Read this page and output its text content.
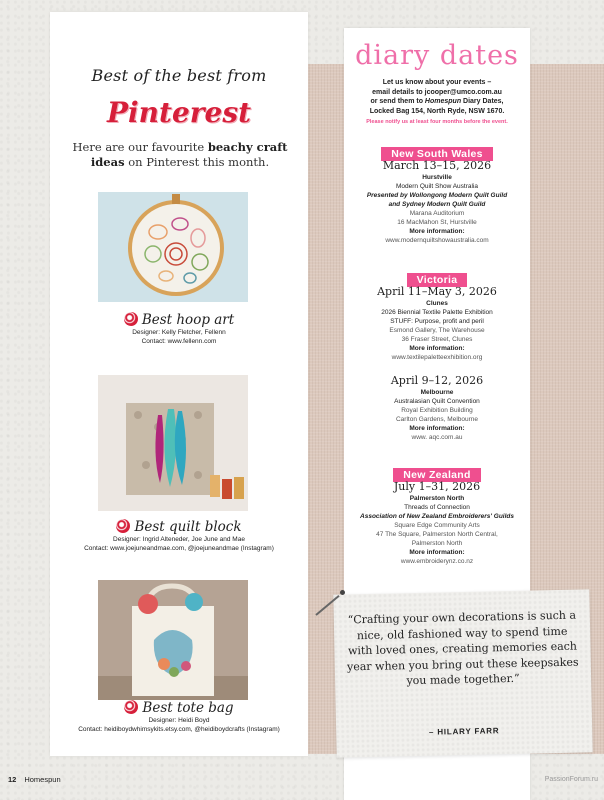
Best of the best from
Pinterest
Here are our favourite beachy craft ideas on Pinterest this month.
Best hoop art
Designer: Kelly Fletcher, Fellenn
Contact: www.fellenn.com
Best quilt block
Designer: Ingrid Alteneder, Joe June and Mae
Contact: www.joejuneandmae.com, @joejuneandmae (Instagram)
Best tote bag
Designer: Heidi Boyd
Contact: heidiboydwhimsykits.etsy.com, @heidiboydcrafts (Instagram)
diary dates
Let us know about your events –
email details to jcooper@umco.com.au
or send them to Homespun Diary Dates,
Locked Bag 154, North Ryde, NSW 1670.
Please notify us at least four months before the event.
New South Wales
March 13–15, 2026
Hurstville
Modern Quilt Show Australia
Presented by Wollongong Modern Quilt Guild
and Sydney Modern Quilt Guild
Marana Auditorium
16 MacMahon St, Hurstville
More information:
www.modernquiltshowaustralia.com
Victoria
April 11–May 3, 2026
Clunes
2026 Biennial Textile Palette Exhibition
STUFF: Purpose, profit and peril
Esmond Gallery, The Warehouse
36 Fraser Street, Clunes
More information:
www.textilepaletteexhibition.org
April 9–12, 2026
Melbourne
Australasian Quilt Convention
Royal Exhibition Building
Carlton Gardens, Melbourne
More information:
www. aqc.com.au
New Zealand
July 1–31, 2026
Palmerston North
Threads of Connection
Association of New Zealand Embroiderers' Guilds
Square Edge Community Arts
47 The Square, Palmerston North Central,
Palmerston North
More information:
www.embroiderynz.co.nz
“Crafting your own decorations is such a nice, old fashioned way to spend time with loved ones, creating memories each year when you bring out these keepsakes you made together.”
– HILARY FARR
12 Homespun	PassionForum.ru
